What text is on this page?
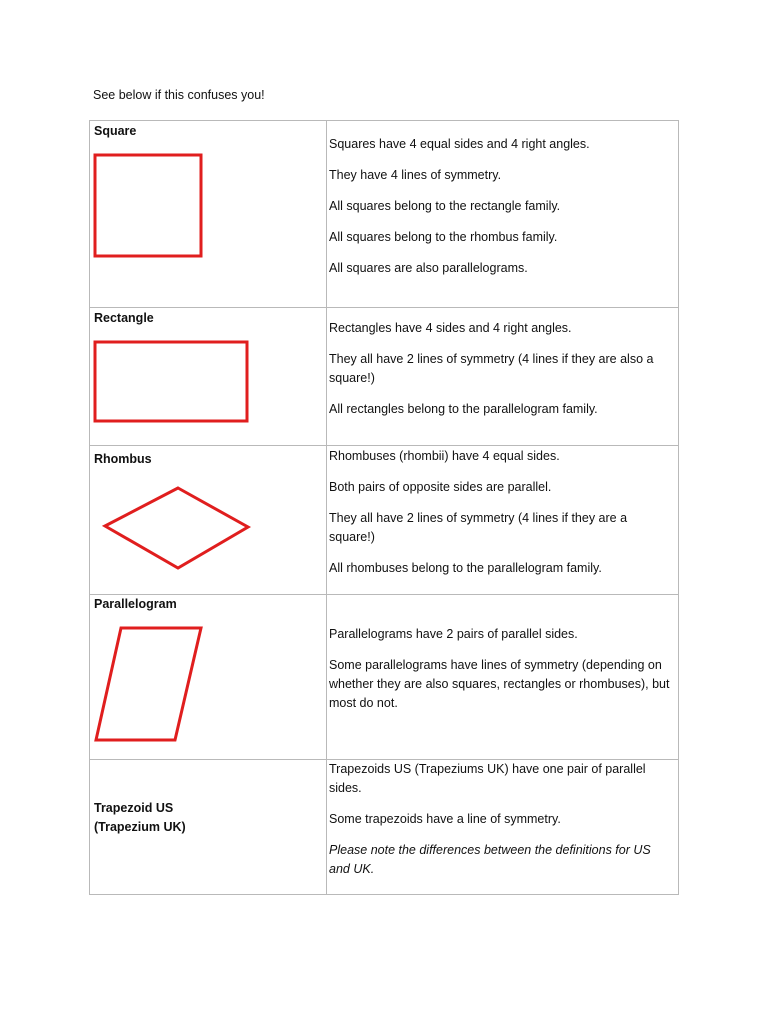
See below if this confuses you!

Square

Squares have 4 equal sides and 4 right angles.

They have 4 lines of symmetry.

All squares belong to the rectangle family.

All squares belong to the rhombus family.

All squares are also parallelograms.

Rectangle

Rectangles have 4 sides and 4 right angles.

They all have 2 lines of symmetry (4 lines if they are also a square!)

All rectangles belong to the parallelogram family.

Rhombus	Rhombuses (rhombii) have 4 equal sides.

Both pairs of opposite sides are parallel.

They all have 2 lines of symmetry (4 lines if they are a square!)

All rhombuses belong to the parallelogram family.

Parallelogram

Parallelograms have 2 pairs of parallel sides.

Some parallelograms have lines of symmetry (depending on whether they are also squares, rectangles or rhombuses), but most do not.

Trapezoid US
(Trapezium UK)

Trapezoids US (Trapeziums UK) have one pair of parallel sides.

Some trapezoids have a line of symmetry.

Please note the differences between the definitions for US and UK.
